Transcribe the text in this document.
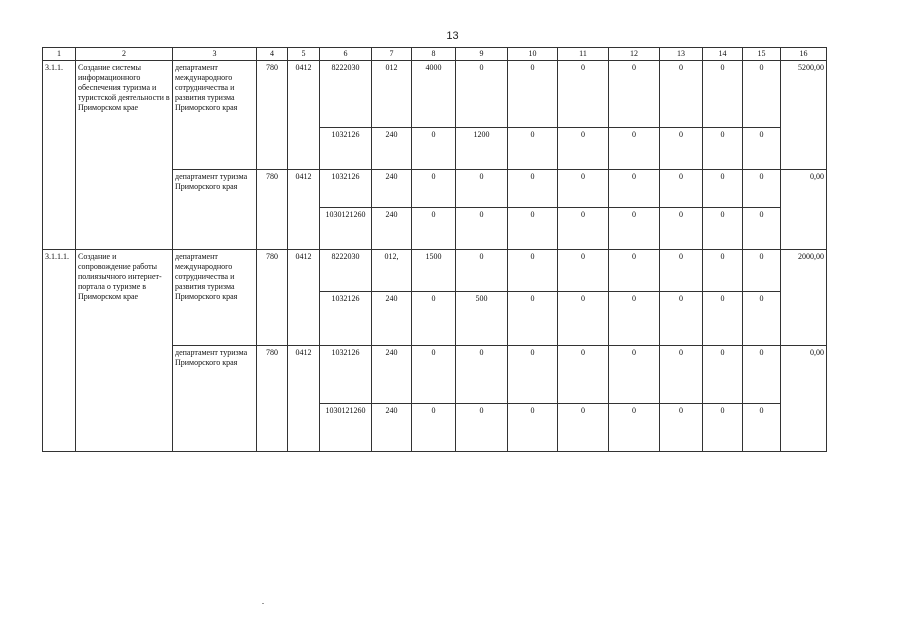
13
1	2	3	4	5	6	7	8	9	10	11	12	13	14	15	16
3.1.1.	Создание системы информационного обеспечения туризма и туристской деятельности в Приморском крае	департамент международного сотрудничества и развития туризма Приморского края	780	0412	8222030	012	4000	0	0	0	0	0	0	0	5200,00
					1032126	240	0	1200	0	0	0	0	0	0	
		департамент туризма Приморского края	780	0412	1032126	240	0	0	0	0	0	0	0	0	0,00
					1030121260	240	0	0	0	0	0	0	0	0	
3.1.1.1.	Создание и сопровождение работы полиязычного интернет-портала о туризме в Приморском крае	департамент международного сотрудничества и развития туризма Приморского края	780	0412	8222030	012,	1500	0	0	0	0	0	0	0	2000,00
					1032126	240	0	500	0	0	0	0	0	0	
		департамент туризма Приморского края	780	0412	1032126	240	0	0	0	0	0	0	0	0	0,00
					1030121260	240	0	0	0	0	0	0	0	0	
